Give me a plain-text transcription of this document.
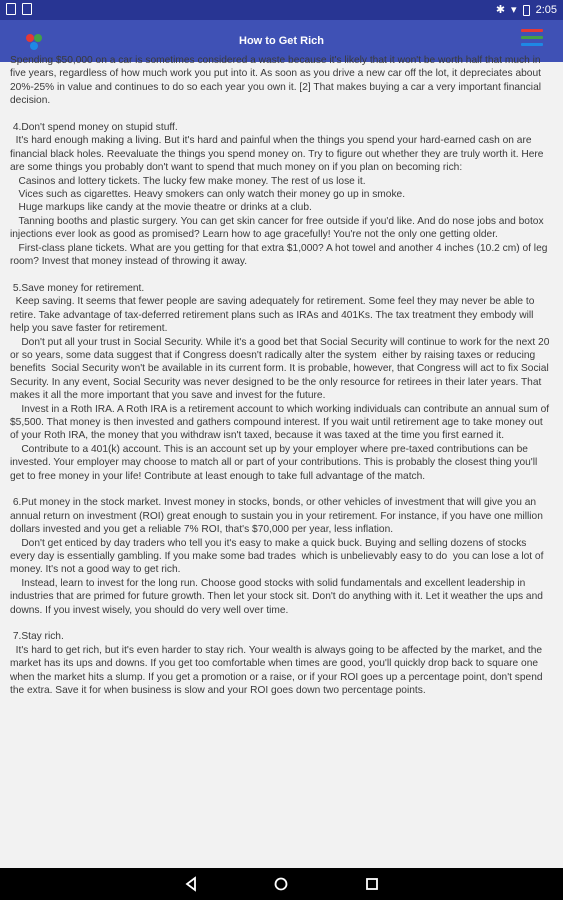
✱ ▾ 2:05
How to Get Rich

Spending $50,000 on a car is sometimes considered a waste because it's likely that it won't be worth half that much in five years, regardless of how much work you put into it. As soon as you drive a new car off the lot, it depreciates about 20%-25% in value and continues to do so each year you own it. [2] That makes buying a car a very important financial decision.

4.Don't spend money on stupid stuff.

It's hard enough making a living. But it's hard and painful when the things you spend your hard-earned cash on are financial black holes. Reevaluate the things you spend money on. Try to figure out whether they are truly worth it. Here are some things you probably don't want to spend that much money on if you plan on becoming rich:

Casinos and lottery tickets. The lucky few make money. The rest of us lose it.

Vices such as cigarettes. Heavy smokers can only watch their money go up in smoke.

Huge markups like candy at the movie theatre or drinks at a club.

Tanning booths and plastic surgery. You can get skin cancer for free outside if you'd like. And do nose jobs and botox injections ever look as good as promised? Learn how to age gracefully! You're not the only one getting older.

First-class plane tickets. What are you getting for that extra $1,000? A hot towel and another 4 inches (10.2 cm) of leg room? Invest that money instead of throwing it away.

5.Save money for retirement.

Keep saving. It seems that fewer people are saving adequately for retirement. Some feel they may never be able to retire. Take advantage of tax-deferred retirement plans such as IRAs and 401Ks. The tax treatment they embody will help you save faster for retirement.

Don't put all your trust in Social Security. While it's a good bet that Social Security will continue to work for the next 20 or so years, some data suggest that if Congress doesn't radically alter the system  either by raising taxes or reducing benefits  Social Security won't be available in its current form. It is probable, however, that Congress will act to fix Social Security. In any event, Social Security was never designed to be the only resource for retirees in their later years. That makes it all the more important that you save and invest for the future.

Invest in a Roth IRA. A Roth IRA is a retirement account to which working individuals can contribute an annual sum of $5,500. That money is then invested and gathers compound interest. If you wait until retirement age to take money out of your Roth IRA, the money that you withdraw isn't taxed, because it was taxed at the time you first earned it.

Contribute to a 401(k) account. This is an account set up by your employer where pre-taxed contributions can be invested. Your employer may choose to match all or part of your contributions. This is probably the closest thing you'll get to free money in your life! Contribute at least enough to take full advantage of the match.

6.Put money in the stock market. Invest money in stocks, bonds, or other vehicles of investment that will give you an annual return on investment (ROI) great enough to sustain you in your retirement. For instance, if you have one million dollars invested and you get a reliable 7% ROI, that's $70,000 per year, less inflation.

Don't get enticed by day traders who tell you it's easy to make a quick buck. Buying and selling dozens of stocks every day is essentially gambling. If you make some bad trades  which is unbelievably easy to do  you can lose a lot of money. It's not a good way to get rich.

Instead, learn to invest for the long run. Choose good stocks with solid fundamentals and excellent leadership in industries that are primed for future growth. Then let your stock sit. Don't do anything with it. Let it weather the ups and downs. If you invest wisely, you should do very well over time.

7.Stay rich.

It's hard to get rich, but it's even harder to stay rich. Your wealth is always going to be affected by the market, and the market has its ups and downs. If you get too comfortable when times are good, you'll quickly drop back to square one when the market hits a slump. If you get a promotion or a raise, or if your ROI goes up a percentage point, don't spend the extra. Save it for when business is slow and your ROI goes down two percentage points.
